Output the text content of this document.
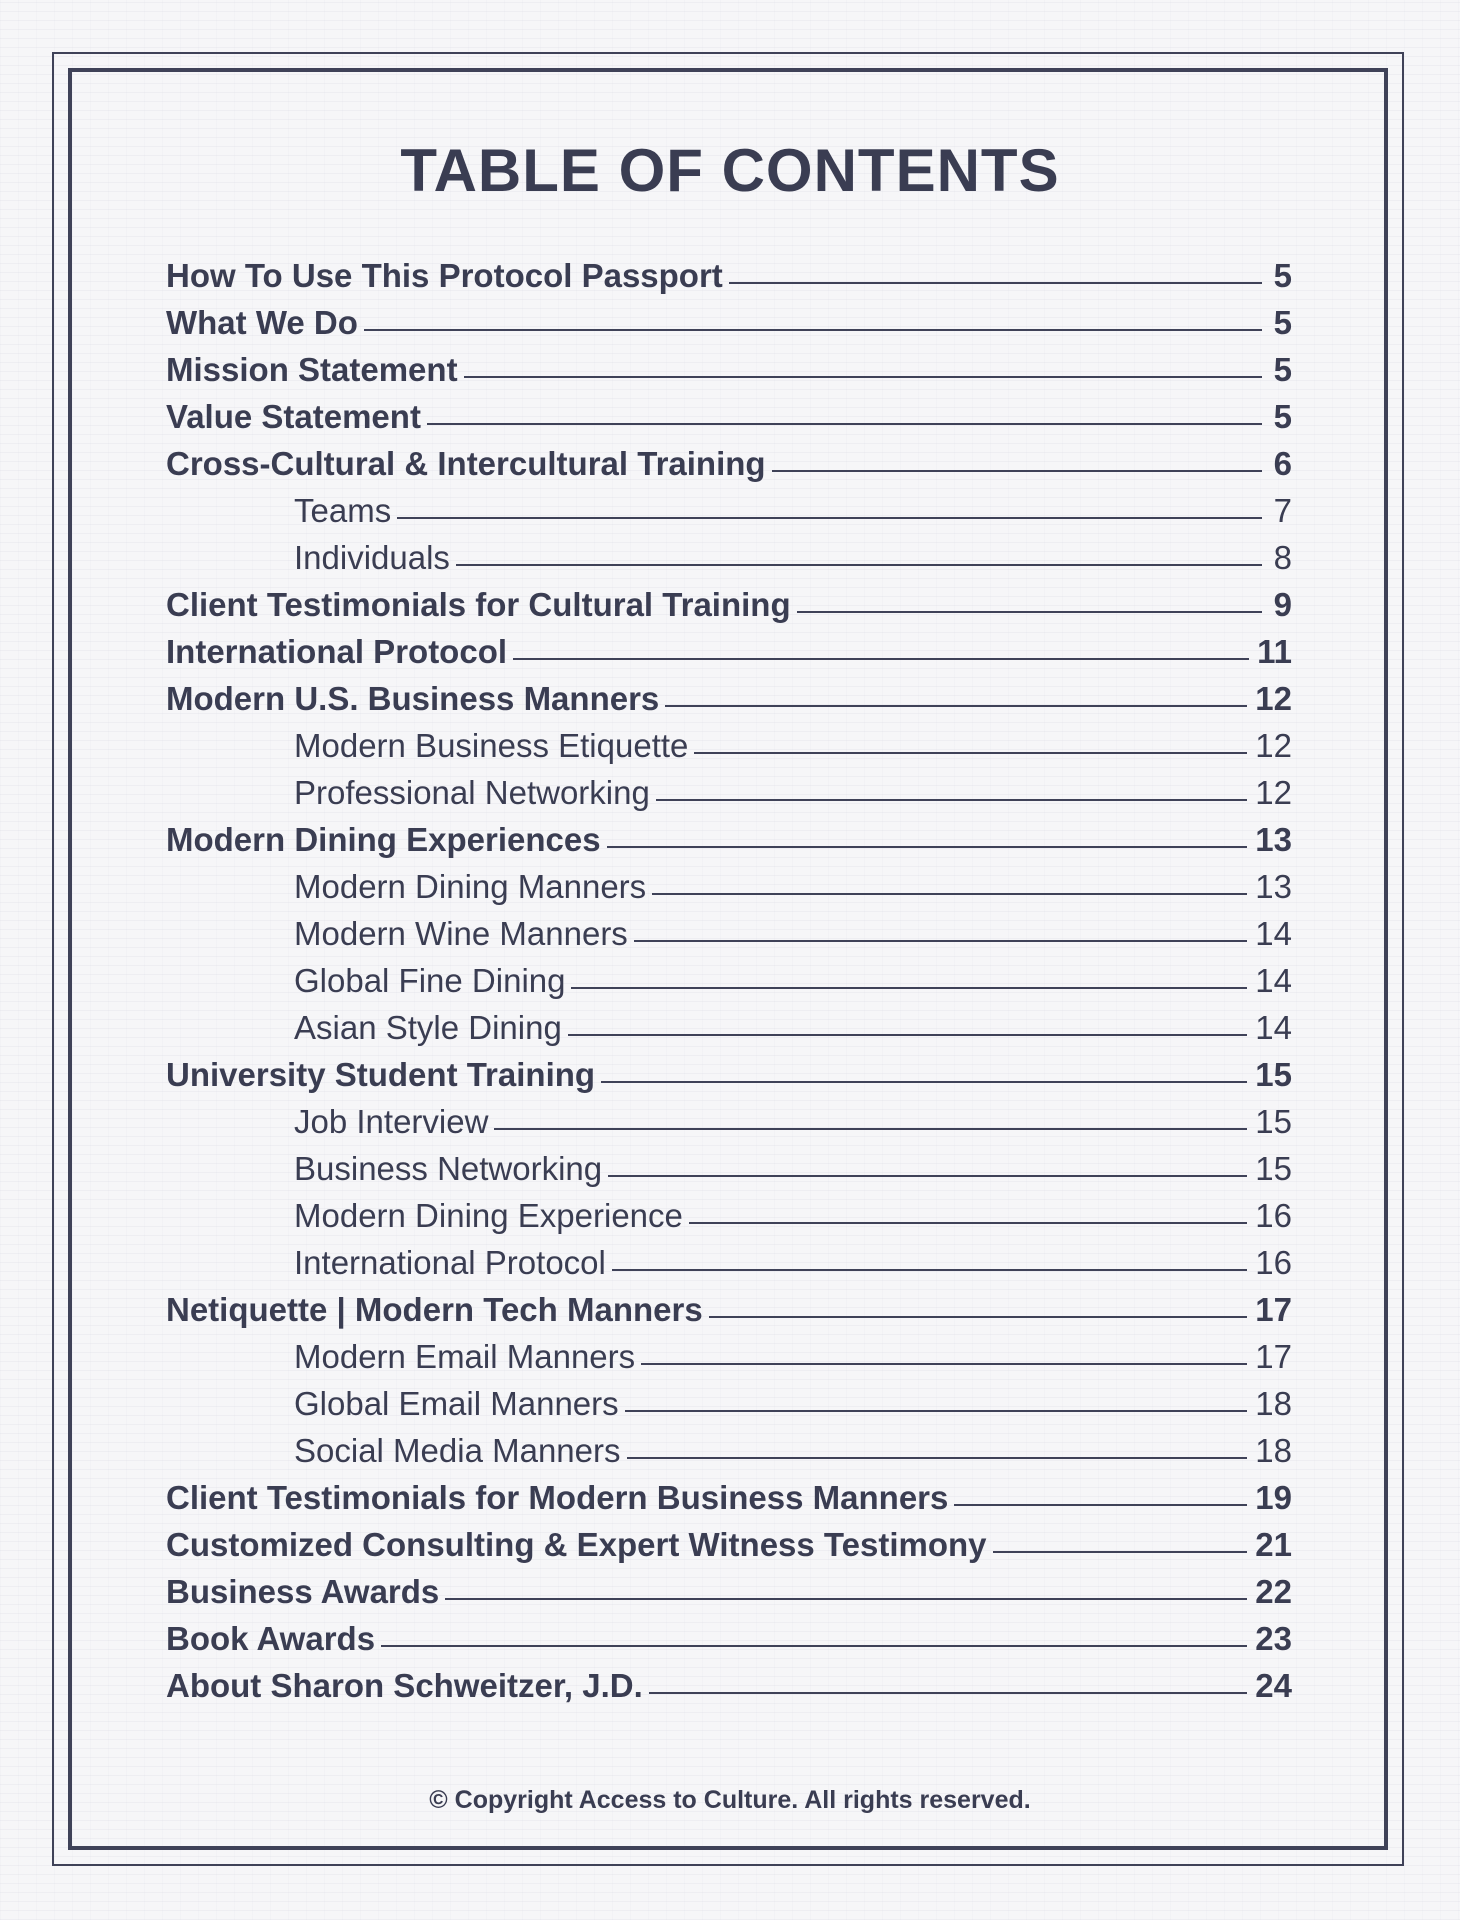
TABLE OF CONTENTS
How To Use This Protocol Passport	5
What We Do	5
Mission Statement	5
Value Statement	5
Cross-Cultural & Intercultural Training	6
Teams	7
Individuals	8
Client Testimonials for Cultural Training	9
International Protocol	11
Modern U.S. Business Manners	12
Modern Business Etiquette	12
Professional Networking	12
Modern Dining Experiences	13
Modern Dining Manners	13
Modern Wine Manners	14
Global Fine Dining	14
Asian Style Dining	14
University Student Training	15
Job Interview	15
Business Networking	15
Modern Dining Experience	16
International Protocol	16
Netiquette | Modern Tech Manners	17
Modern Email Manners	17
Global Email Manners	18
Social Media Manners	18
Client Testimonials for Modern Business Manners	19
Customized Consulting & Expert Witness Testimony	21
Business Awards	22
Book Awards	23
About Sharon Schweitzer, J.D.	24
© Copyright Access to Culture. All rights reserved.
